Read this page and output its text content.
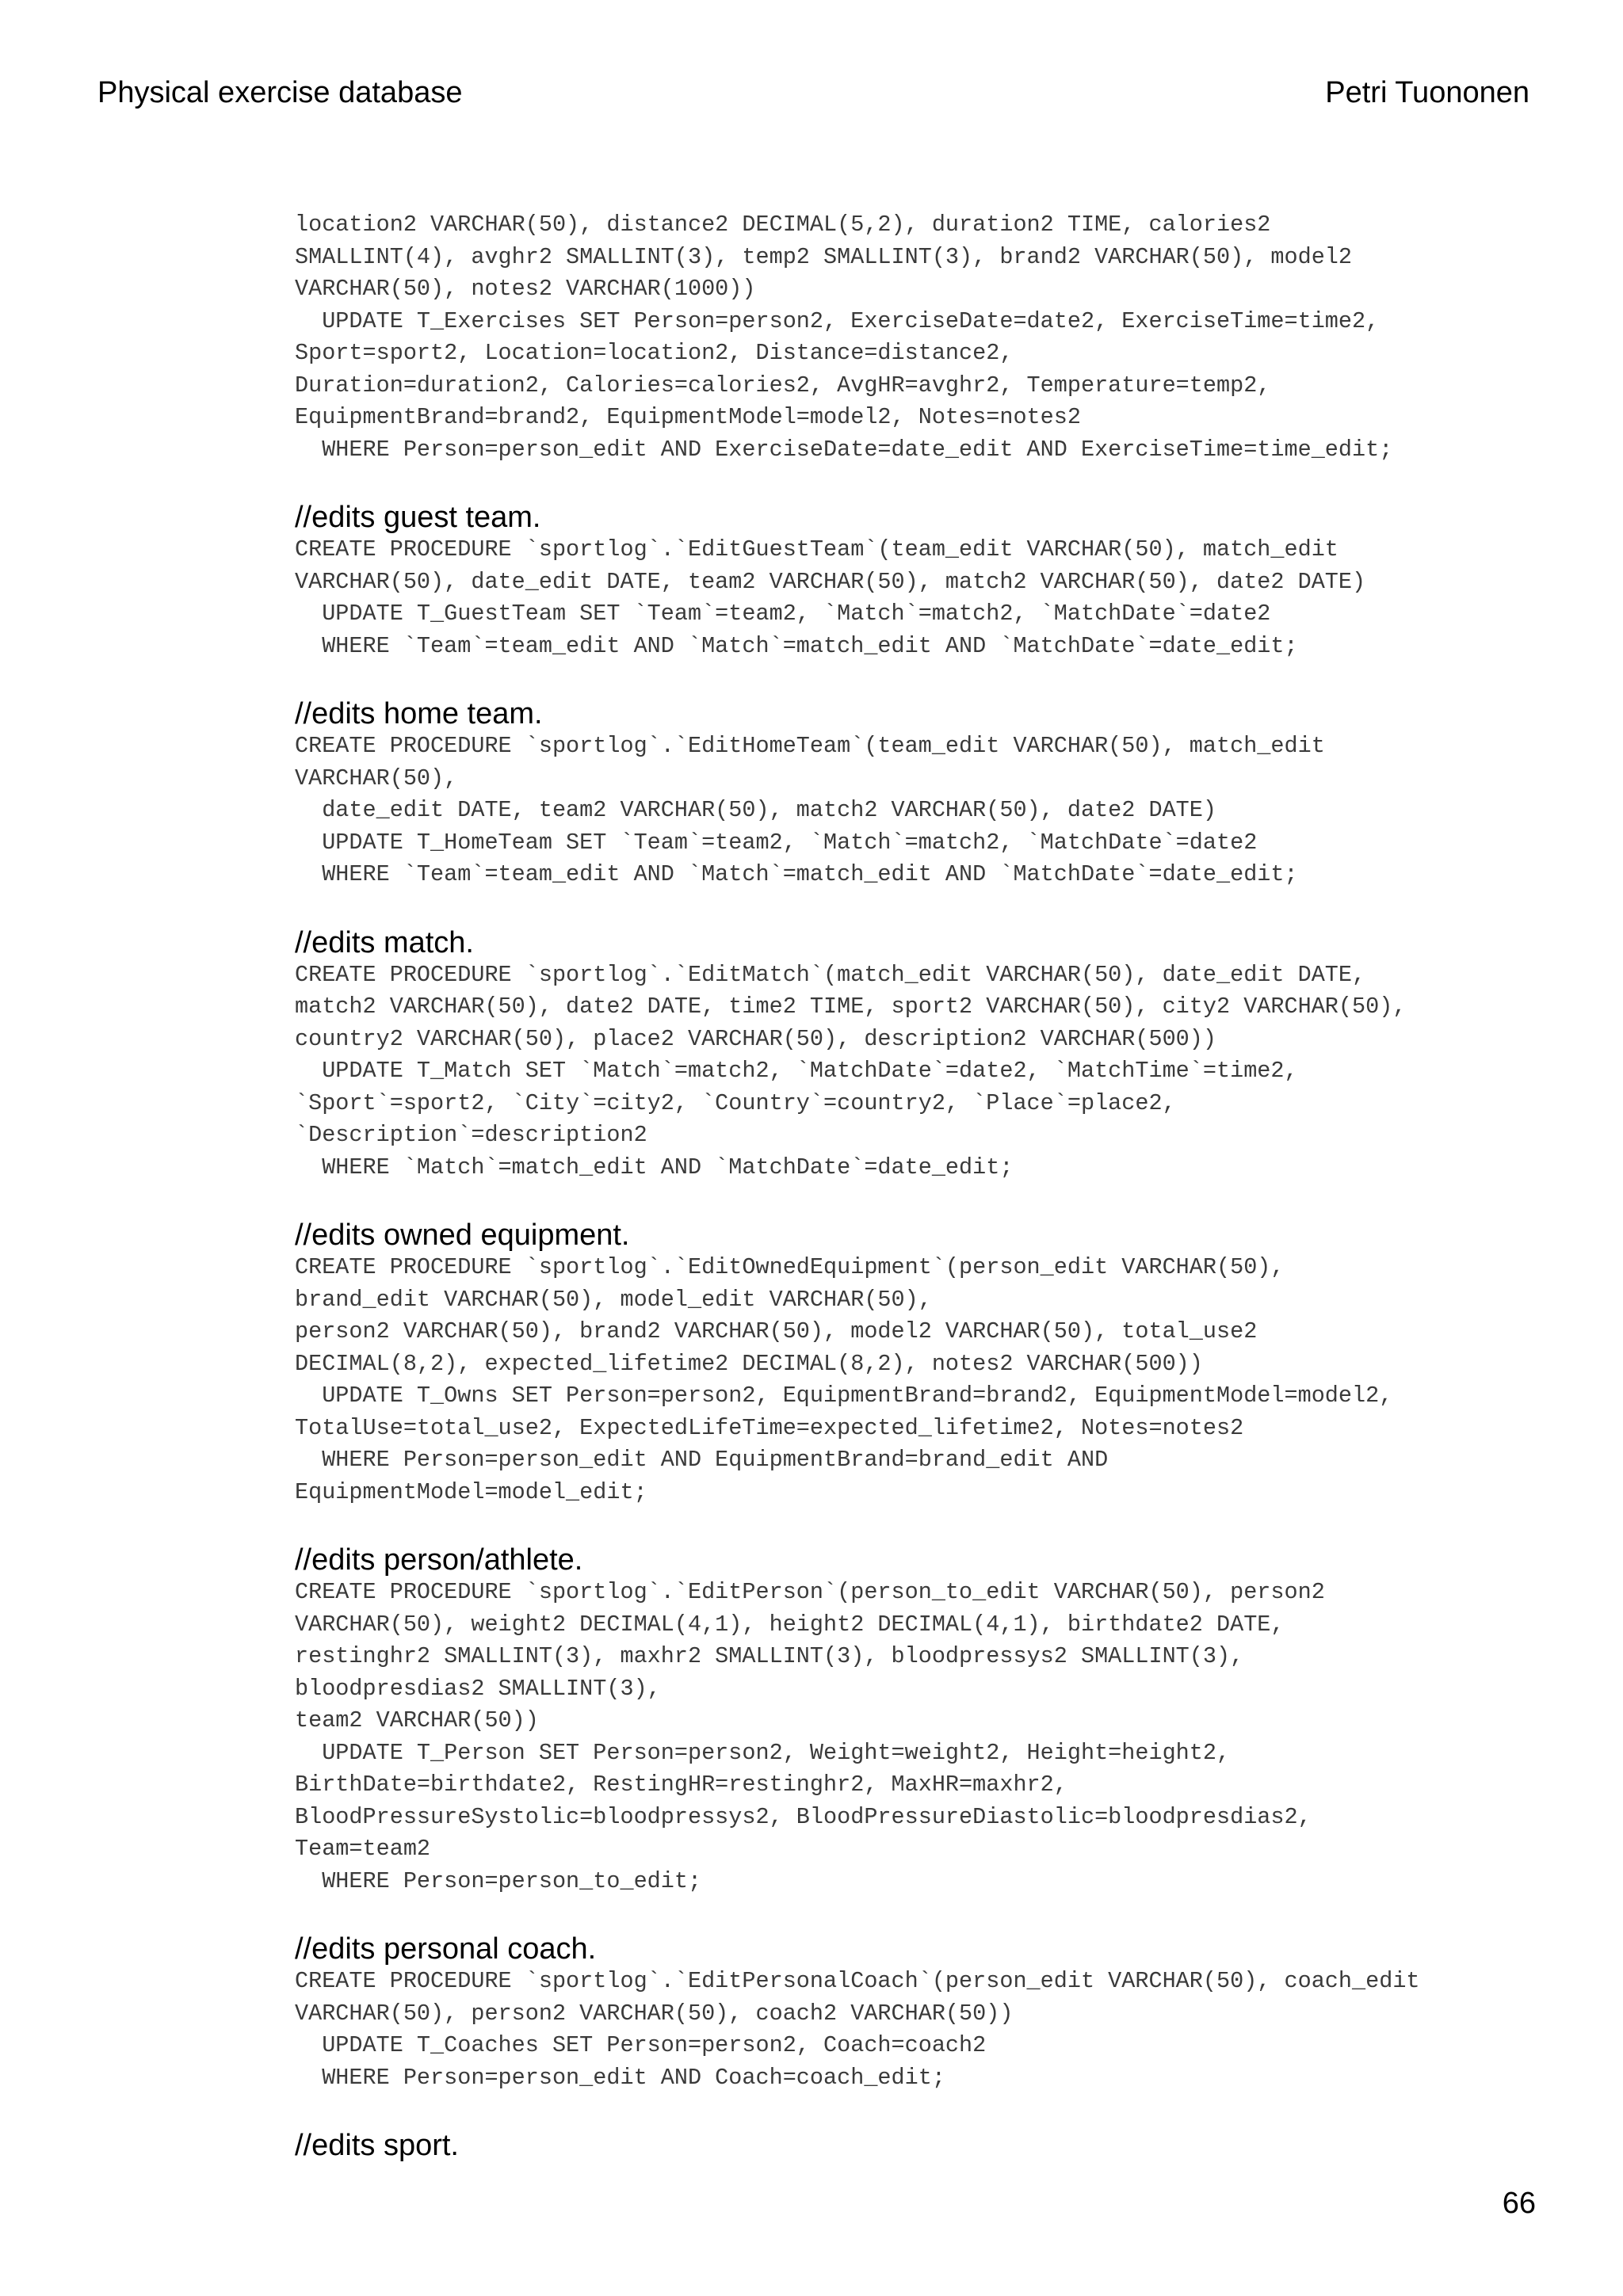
Physical exercise database	Petri Tuononen
location2 VARCHAR(50), distance2 DECIMAL(5,2), duration2 TIME, calories2
SMALLINT(4), avghr2 SMALLINT(3), temp2 SMALLINT(3), brand2 VARCHAR(50), model2
VARCHAR(50), notes2 VARCHAR(1000))
UPDATE T_Exercises SET Person=person2, ExerciseDate=date2, ExerciseTime=time2,
Sport=sport2, Location=location2, Distance=distance2,
Duration=duration2, Calories=calories2, AvgHR=avghr2, Temperature=temp2,
EquipmentBrand=brand2, EquipmentModel=model2, Notes=notes2
WHERE Person=person_edit AND ExerciseDate=date_edit AND ExerciseTime=time_edit;
//edits guest team.
CREATE PROCEDURE `sportlog`.`EditGuestTeam`(team_edit VARCHAR(50), match_edit
VARCHAR(50), date_edit DATE, team2 VARCHAR(50), match2 VARCHAR(50), date2 DATE)
UPDATE T_GuestTeam SET `Team`=team2, `Match`=match2, `MatchDate`=date2
WHERE `Team`=team_edit AND `Match`=match_edit AND `MatchDate`=date_edit;
//edits home team.
CREATE PROCEDURE `sportlog`.`EditHomeTeam`(team_edit VARCHAR(50), match_edit
VARCHAR(50),
date_edit DATE, team2 VARCHAR(50), match2 VARCHAR(50), date2 DATE)
UPDATE T_HomeTeam SET `Team`=team2, `Match`=match2, `MatchDate`=date2
WHERE `Team`=team_edit AND `Match`=match_edit AND `MatchDate`=date_edit;
//edits match.
CREATE PROCEDURE `sportlog`.`EditMatch`(match_edit VARCHAR(50), date_edit DATE,
match2 VARCHAR(50), date2 DATE, time2 TIME, sport2 VARCHAR(50), city2 VARCHAR(50),
country2 VARCHAR(50), place2 VARCHAR(50), description2 VARCHAR(500))
UPDATE T_Match SET `Match`=match2, `MatchDate`=date2, `MatchTime`=time2,
`Sport`=sport2, `City`=city2, `Country`=country2, `Place`=place2,
`Description`=description2
WHERE `Match`=match_edit AND `MatchDate`=date_edit;
//edits owned equipment.
CREATE PROCEDURE `sportlog`.`EditOwnedEquipment`(person_edit VARCHAR(50),
brand_edit VARCHAR(50), model_edit VARCHAR(50),
person2 VARCHAR(50), brand2 VARCHAR(50), model2 VARCHAR(50), total_use2
DECIMAL(8,2), expected_lifetime2 DECIMAL(8,2), notes2 VARCHAR(500))
UPDATE T_Owns SET Person=person2, EquipmentBrand=brand2, EquipmentModel=model2,
TotalUse=total_use2, ExpectedLifeTime=expected_lifetime2, Notes=notes2
WHERE Person=person_edit AND EquipmentBrand=brand_edit AND
EquipmentModel=model_edit;
//edits person/athlete.
CREATE PROCEDURE `sportlog`.`EditPerson`(person_to_edit VARCHAR(50), person2
VARCHAR(50), weight2 DECIMAL(4,1), height2 DECIMAL(4,1), birthdate2 DATE,
restinghr2 SMALLINT(3), maxhr2 SMALLINT(3), bloodpressys2 SMALLINT(3),
bloodpresdias2 SMALLINT(3),
team2 VARCHAR(50))
UPDATE T_Person SET Person=person2, Weight=weight2, Height=height2,
BirthDate=birthdate2, RestingHR=restinghr2, MaxHR=maxhr2,
BloodPressureSystolic=bloodpressys2, BloodPressureDiastolic=bloodpresdias2,
Team=team2
WHERE Person=person_to_edit;
//edits personal coach.
CREATE PROCEDURE `sportlog`.`EditPersonalCoach`(person_edit VARCHAR(50), coach_edit
VARCHAR(50), person2 VARCHAR(50), coach2 VARCHAR(50))
UPDATE T_Coaches SET Person=person2, Coach=coach2
WHERE Person=person_edit AND Coach=coach_edit;
//edits sport.
66
